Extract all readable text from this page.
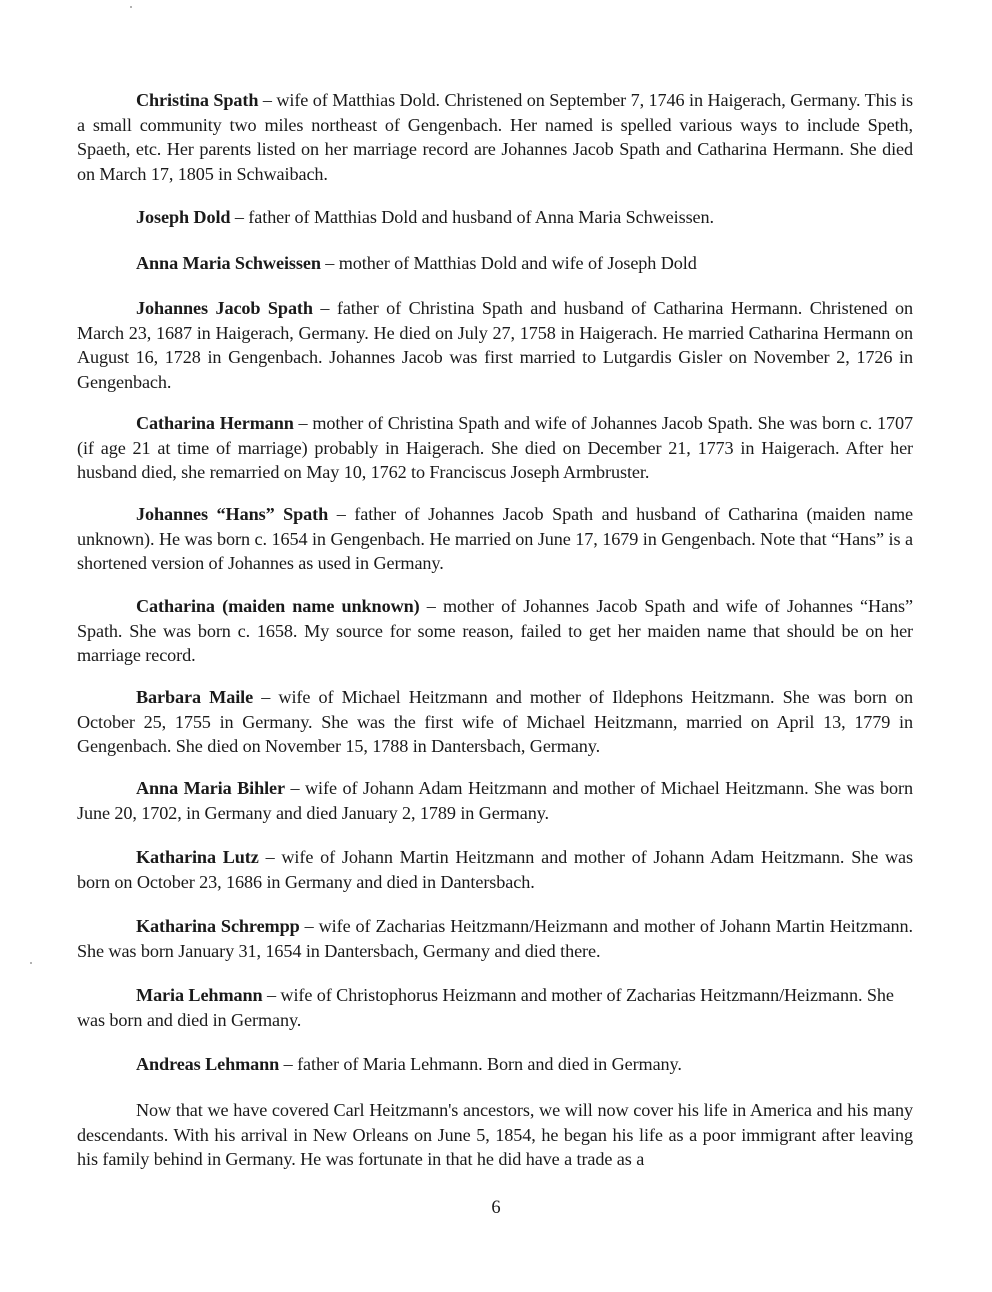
Christina Spath – wife of Matthias Dold. Christened on September 7, 1746 in Haigerach, Germany. This is a small community two miles northeast of Gengenbach. Her named is spelled various ways to include Speth, Spaeth, etc. Her parents listed on her marriage record are Johannes Jacob Spath and Catharina Hermann. She died on March 17, 1805 in Schwaibach.

Joseph Dold – father of Matthias Dold and husband of Anna Maria Schweissen.

Anna Maria Schweissen – mother of Matthias Dold and wife of Joseph Dold

Johannes Jacob Spath – father of Christina Spath and husband of Catharina Hermann. Christened on March 23, 1687 in Haigerach, Germany. He died on July 27, 1758 in Haigerach. He married Catharina Hermann on August 16, 1728 in Gengenbach. Johannes Jacob was first married to Lutgardis Gisler on November 2, 1726 in Gengenbach.

Catharina Hermann – mother of Christina Spath and wife of Johannes Jacob Spath. She was born c. 1707 (if age 21 at time of marriage) probably in Haigerach. She died on December 21, 1773 in Haigerach. After her husband died, she remarried on May 10, 1762 to Franciscus Joseph Armbruster.

Johannes “Hans” Spath – father of Johannes Jacob Spath and husband of Catharina (maiden name unknown). He was born c. 1654 in Gengenbach. He married on June 17, 1679 in Gengenbach. Note that “Hans” is a shortened version of Johannes as used in Germany.

Catharina (maiden name unknown) – mother of Johannes Jacob Spath and wife of Johannes “Hans” Spath. She was born c. 1658. My source for some reason, failed to get her maiden name that should be on her marriage record.

Barbara Maile – wife of Michael Heitzmann and mother of Ildephons Heitzmann. She was born on October 25, 1755 in Germany. She was the first wife of Michael Heitzmann, married on April 13, 1779 in Gengenbach. She died on November 15, 1788 in Dantersbach, Germany.

Anna Maria Bihler – wife of Johann Adam Heitzmann and mother of Michael Heitzmann. She was born June 20, 1702, in Germany and died January 2, 1789 in Germany.

Katharina Lutz – wife of Johann Martin Heitzmann and mother of Johann Adam Heitzmann. She was born on October 23, 1686 in Germany and died in Dantersbach.

Katharina Schrempp – wife of Zacharias Heitzmann/Heizmann and mother of Johann Martin Heitzmann. She was born January 31, 1654 in Dantersbach, Germany and died there.

Maria Lehmann – wife of Christophorus Heizmann and mother of Zacharias Heitzmann/Heizmann. She was born and died in Germany.

Andreas Lehmann – father of Maria Lehmann. Born and died in Germany.

Now that we have covered Carl Heitzmann's ancestors, we will now cover his life in America and his many descendants. With his arrival in New Orleans on June 5, 1854, he began his life as a poor immigrant after leaving his family behind in Germany. He was fortunate in that he did have a trade as a

6
